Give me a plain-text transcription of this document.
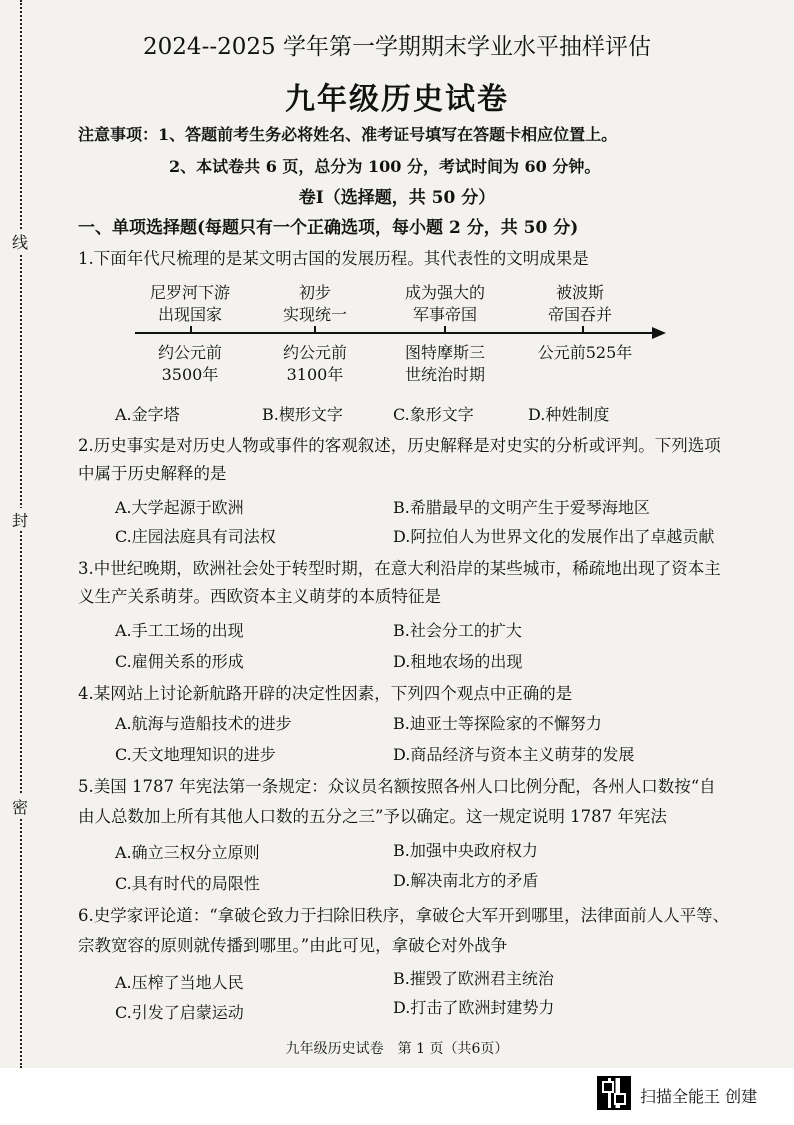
线
封
密
2024--2025 学年第一学期期末学业水平抽样评估
九年级历史试卷
注意事项：1、答题前考生务必将姓名、准考证号填写在答题卡相应位置上。
2、本试卷共 6 页，总分为 100 分，考试时间为 60 分钟。
卷Ⅰ（选择题，共 50 分）
一、单项选择题(每题只有一个正确选项，每小题 2 分，共 50 分)
1.下面年代尺梳理的是某文明古国的发展历程。其代表性的文明成果是
尼罗河下游
出现国家
初步
实现统一
成为强大的
军事帝国
被波斯
帝国吞并
约公元前
3500年
约公元前
3100年
图特摩斯三
世统治时期
公元前525年
A.金字塔	B.楔形文字	C.象形文字	D.种姓制度
2.历史事实是对历史人物或事件的客观叙述，历史解释是对史实的分析或评判。下列选项
中属于历史解释的是
A.大学起源于欧洲	B.希腊最早的文明产生于爱琴海地区
C.庄园法庭具有司法权	D.阿拉伯人为世界文化的发展作出了卓越贡献
3.中世纪晚期，欧洲社会处于转型时期，在意大利沿岸的某些城市，稀疏地出现了资本主
义生产关系萌芽。西欧资本主义萌芽的本质特征是
A.手工工场的出现	B.社会分工的扩大
C.雇佣关系的形成	D.租地农场的出现
4.某网站上讨论新航路开辟的决定性因素，下列四个观点中正确的是
A.航海与造船技术的进步	B.迪亚士等探险家的不懈努力
C.天文地理知识的进步	D.商品经济与资本主义萌芽的发展
5.美国 1787 年宪法第一条规定：众议员名额按照各州人口比例分配，各州人口数按“自
由人总数加上所有其他人口数的五分之三”予以确定。这一规定说明 1787 年宪法
A.确立三权分立原则	B.加强中央政府权力
C.具有时代的局限性	D.解决南北方的矛盾
6.史学家评论道：“拿破仑致力于扫除旧秩序，拿破仑大军开到哪里，法律面前人人平等、
宗教宽容的原则就传播到哪里。”由此可见，拿破仑对外战争
A.压榨了当地人民	B.摧毁了欧洲君主统治
C.引发了启蒙运动	D.打击了欧洲封建势力
九年级历史试卷　第 1 页（共6页）
扫描全能王 创建
